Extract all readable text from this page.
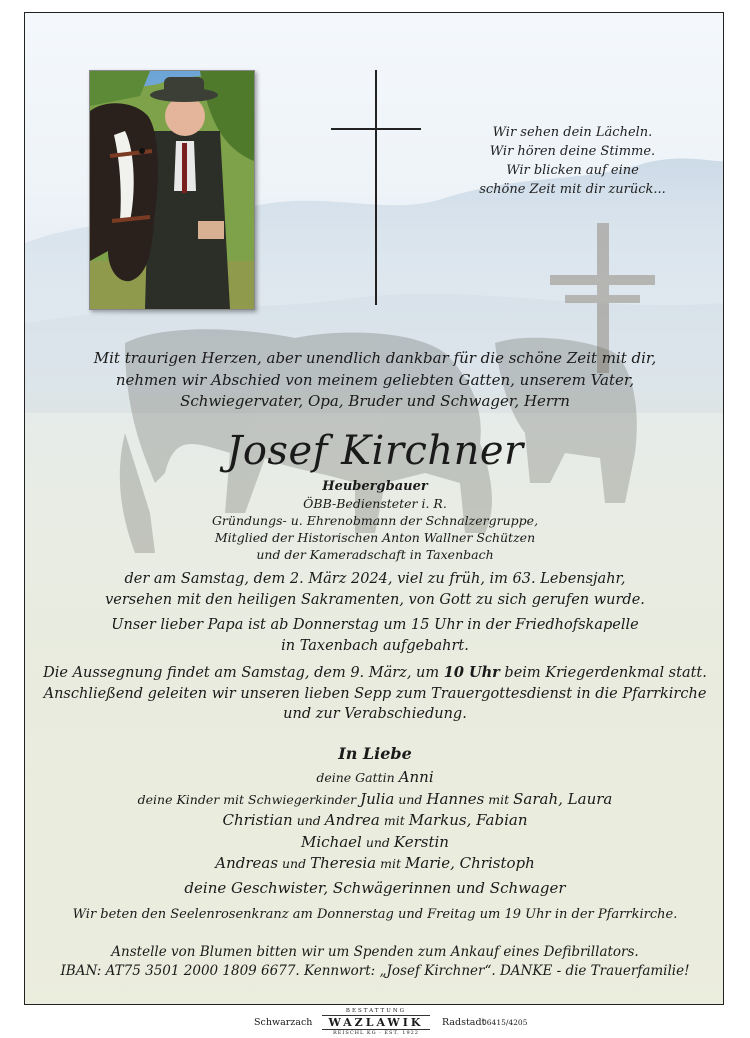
Wir sehen dein Lächeln.
Wir hören deine Stimme.
Wir blicken auf eine
schöne Zeit mit dir zurück...
Mit traurigen Herzen, aber unendlich dankbar für die schöne Zeit mit dir,
nehmen wir Abschied von meinem geliebten Gatten, unserem Vater,
Schwiegervater, Opa, Bruder und Schwager, Herrn
Josef Kirchner
Heubergbauer
ÖBB-Bediensteter i. R.
Gründungs- u. Ehrenobmann der Schnalzergruppe,
Mitglied der Historischen Anton Wallner Schützen
und der Kameradschaft in Taxenbach
der am Samstag, dem 2. März 2024, viel zu früh, im 63. Lebensjahr,
versehen mit den heiligen Sakramenten, von Gott zu sich gerufen wurde.
Unser lieber Papa ist ab Donnerstag um 15 Uhr in der Friedhofskapelle
in Taxenbach aufgebahrt.
Die Aussegnung findet am Samstag, dem 9. März, um 10 Uhr beim Kriegerdenkmal statt.
Anschließend geleiten wir unseren lieben Sepp zum Trauergottesdienst in die Pfarrkirche
und zur Verabschiedung.
In Liebe
deine Gattin Anni
deine Kinder mit Schwiegerkinder Julia und Hannes mit Sarah, Laura
Christian und Andrea mit Markus, Fabian
Michael und Kerstin
Andreas und Theresia mit Marie, Christoph
deine Geschwister, Schwägerinnen und Schwager
Wir beten den Seelenrosenkranz am Donnerstag und Freitag um 19 Uhr in der Pfarrkirche.
Anstelle von Blumen bitten wir um Spenden zum Ankauf eines Defibrillators.
IBAN: AT75 3501 2000 1809 6677. Kennwort: „Josef Kirchner“. DANKE - die Trauerfamilie!
Schwarzach
BESTATTUNG
WAZLAWIK
REISCHL KG · EST. 1922
Radstadt
06415/4205
